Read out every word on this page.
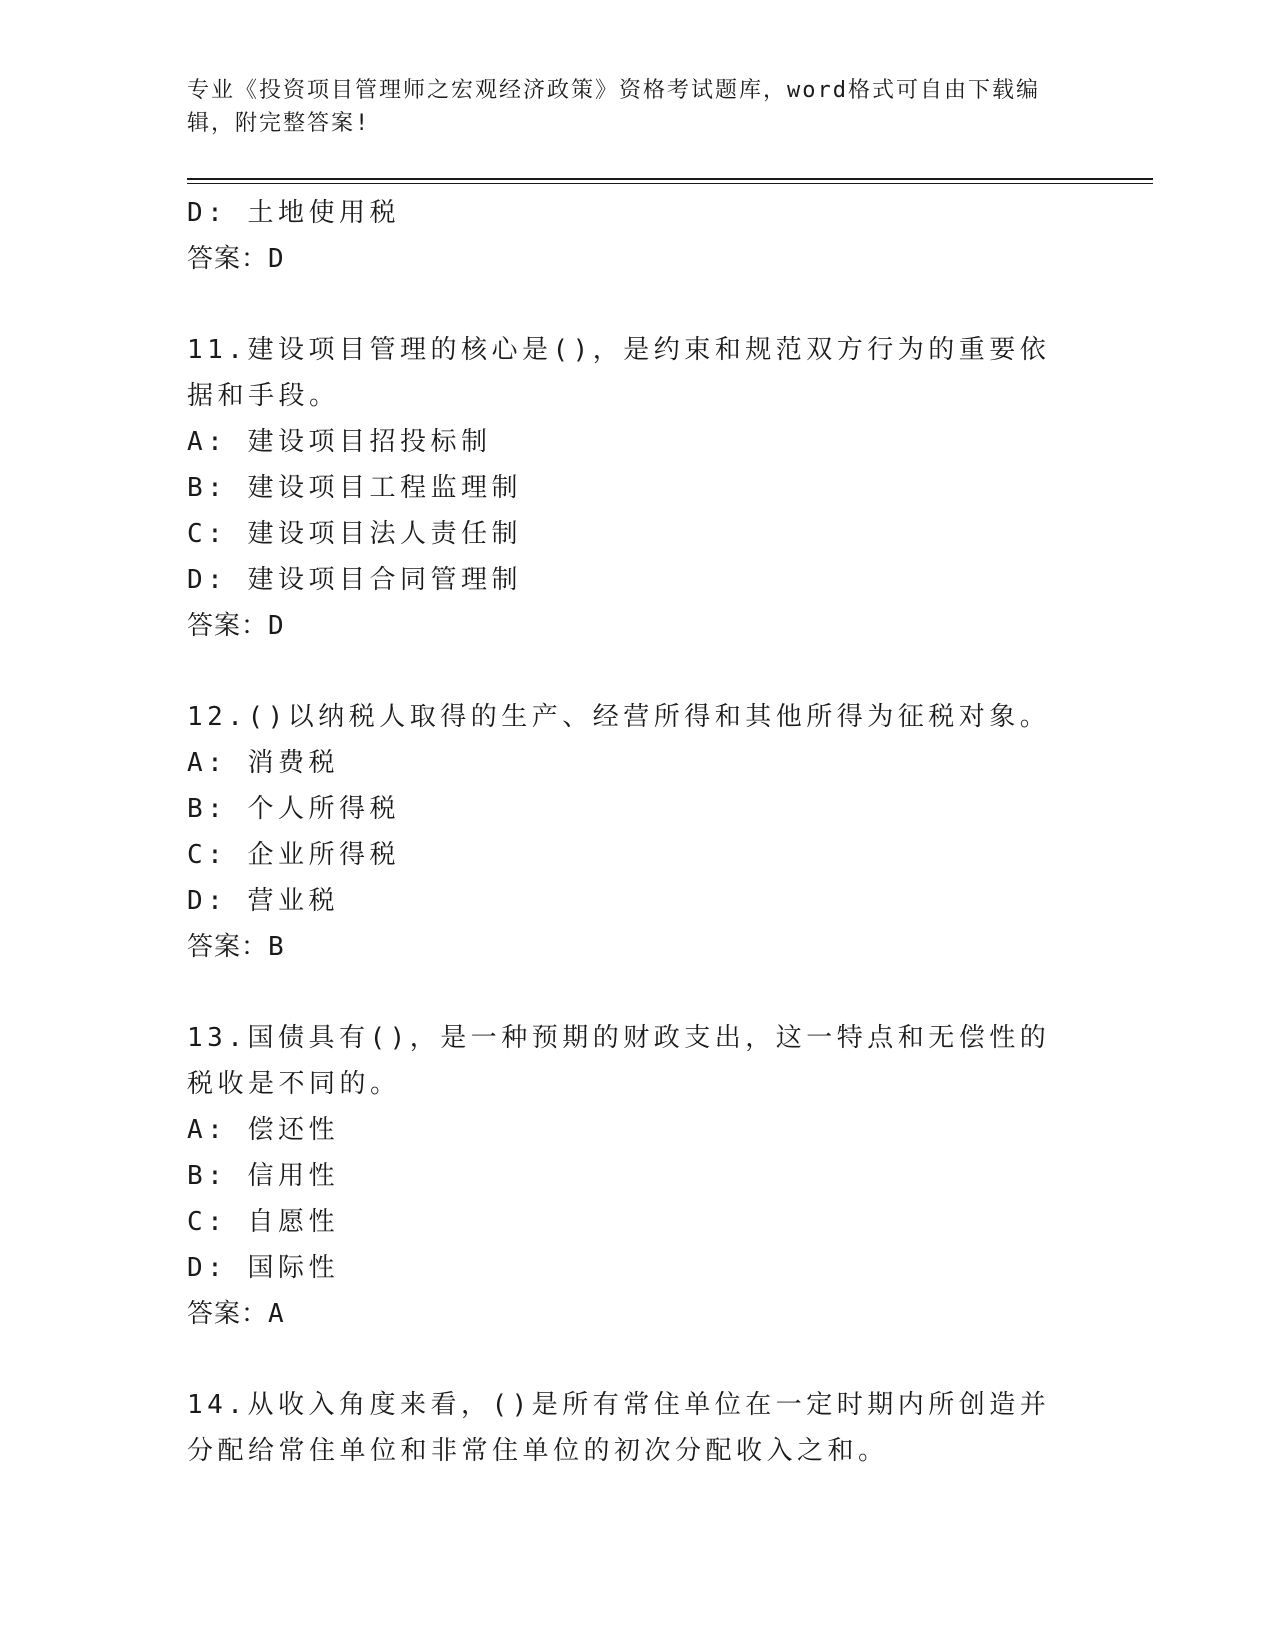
专业《投资项目管理师之宏观经济政策》资格考试题库，word格式可自由下载编
辑，附完整答案!
D: 土地使用税
答案：D
11.建设项目管理的核心是()，是约束和规范双方行为的重要依据和手段。
A: 建设项目招投标制
B: 建设项目工程监理制
C: 建设项目法人责任制
D: 建设项目合同管理制
答案：D
12.()以纳税人取得的生产、经营所得和其他所得为征税对象。
A: 消费税
B: 个人所得税
C: 企业所得税
D: 营业税
答案：B
13.国债具有()，是一种预期的财政支出，这一特点和无偿性的税收是不同的。
A: 偿还性
B: 信用性
C: 自愿性
D: 国际性
答案：A
14.从收入角度来看，()是所有常住单位在一定时期内所创造并分配给常住单位和非常住单位的初次分配收入之和。
